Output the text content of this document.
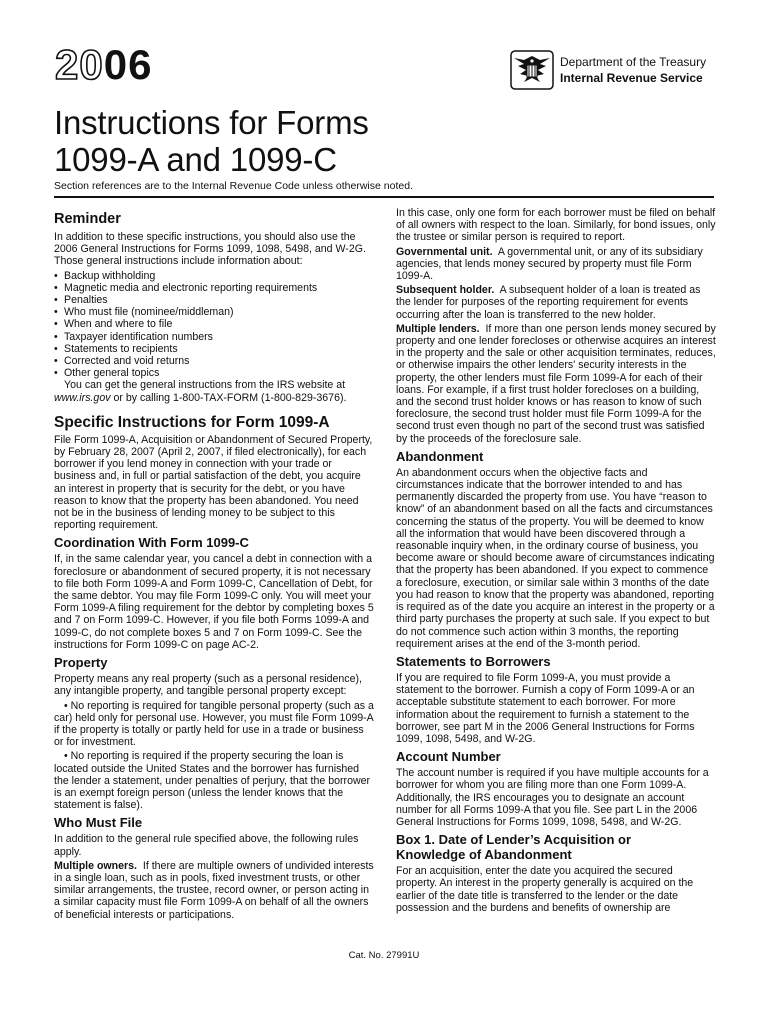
2006	Department of the Treasury
Internal Revenue Service
Instructions for Forms
1099-A and 1099-C
Section references are to the Internal Revenue Code unless otherwise noted.
Reminder

In addition to these specific instructions, you should also use the 2006 General Instructions for Forms 1099, 1098, 5498, and W-2G. Those general instructions include information about:

• Backup withholding
• Magnetic media and electronic reporting requirements
• Penalties
• Who must file (nominee/middleman)
• When and where to file
• Taxpayer identification numbers
• Statements to recipients
• Corrected and void returns
• Other general topics

You can get the general instructions from the IRS website at www.irs.gov or by calling 1-800-TAX-FORM (1-800-829-3676).

Specific Instructions for Form 1099-A

File Form 1099-A, Acquisition or Abandonment of Secured Property, by February 28, 2007 (April 2, 2007, if filed electronically), for each borrower if you lend money in connection with your trade or business and, in full or partial satisfaction of the debt, you acquire an interest in property that is security for the debt, or you have reason to know that the property has been abandoned. You need not be in the business of lending money to be subject to this reporting requirement.

Coordination With Form 1099-C

If, in the same calendar year, you cancel a debt in connection with a foreclosure or abandonment of secured property, it is not necessary to file both Form 1099-A and Form 1099-C, Cancellation of Debt, for the same debtor. You may file Form 1099-C only. You will meet your Form 1099-A filing requirement for the debtor by completing boxes 5 and 7 on Form 1099-C. However, if you file both Forms 1099-A and 1099-C, do not complete boxes 5 and 7 on Form 1099-C. See the instructions for Form 1099-C on page AC-2.

Property

Property means any real property (such as a personal residence), any intangible property, and tangible personal property except:

• No reporting is required for tangible personal property (such as a car) held only for personal use. However, you must file Form 1099-A if the property is totally or partly held for use in a trade or business or for investment.

• No reporting is required if the property securing the loan is located outside the United States and the borrower has furnished the lender a statement, under penalties of perjury, that the borrower is an exempt foreign person (unless the lender knows that the statement is false).

Who Must File

In addition to the general rule specified above, the following rules apply.

Multiple owners. If there are multiple owners of undivided interests in a single loan, such as in pools, fixed investment trusts, or other similar arrangements, the trustee, record owner, or person acting in a similar capacity must file Form 1099-A on behalf of all the owners of beneficial interests or participations.

In this case, only one form for each borrower must be filed on behalf of all owners with respect to the loan. Similarly, for bond issues, only the trustee or similar person is required to report.

Governmental unit. A governmental unit, or any of its subsidiary agencies, that lends money secured by property must file Form 1099-A.

Subsequent holder. A subsequent holder of a loan is treated as the lender for purposes of the reporting requirement for events occurring after the loan is transferred to the new holder.

Multiple lenders. If more than one person lends money secured by property and one lender forecloses or otherwise acquires an interest in the property and the sale or other acquisition terminates, reduces, or otherwise impairs the other lenders' security interests in the property, the other lenders must file Form 1099-A for each of their loans. For example, if a first trust holder forecloses on a building, and the second trust holder knows or has reason to know of such foreclosure, the second trust holder must file Form 1099-A for the second trust even though no part of the second trust was satisfied by the proceeds of the foreclosure sale.

Abandonment

An abandonment occurs when the objective facts and circumstances indicate that the borrower intended to and has permanently discarded the property from use. You have “reason to know” of an abandonment based on all the facts and circumstances concerning the status of the property. You will be deemed to know all the information that would have been discovered through a reasonable inquiry when, in the ordinary course of business, you become aware or should become aware of circumstances indicating that the property has been abandoned. If you expect to commence a foreclosure, execution, or similar sale within 3 months of the date you had reason to know that the property was abandoned, reporting is required as of the date you acquire an interest in the property or a third party purchases the property at such sale. If you expect to but do not commence such action within 3 months, the reporting requirement arises at the end of the 3-month period.

Statements to Borrowers

If you are required to file Form 1099-A, you must provide a statement to the borrower. Furnish a copy of Form 1099-A or an acceptable substitute statement to each borrower. For more information about the requirement to furnish a statement to the borrower, see part M in the 2006 General Instructions for Forms 1099, 1098, 5498, and W-2G.

Account Number

The account number is required if you have multiple accounts for a borrower for whom you are filing more than one Form 1099-A. Additionally, the IRS encourages you to designate an account number for all Forms 1099-A that you file. See part L in the 2006 General Instructions for Forms 1099, 1098, 5498, and W-2G.

Box 1. Date of Lender’s Acquisition or
Knowledge of Abandonment

For an acquisition, enter the date you acquired the secured property. An interest in the property generally is acquired on the earlier of the date title is transferred to the lender or the date possession and the burdens and benefits of ownership are

Cat. No. 27991U
